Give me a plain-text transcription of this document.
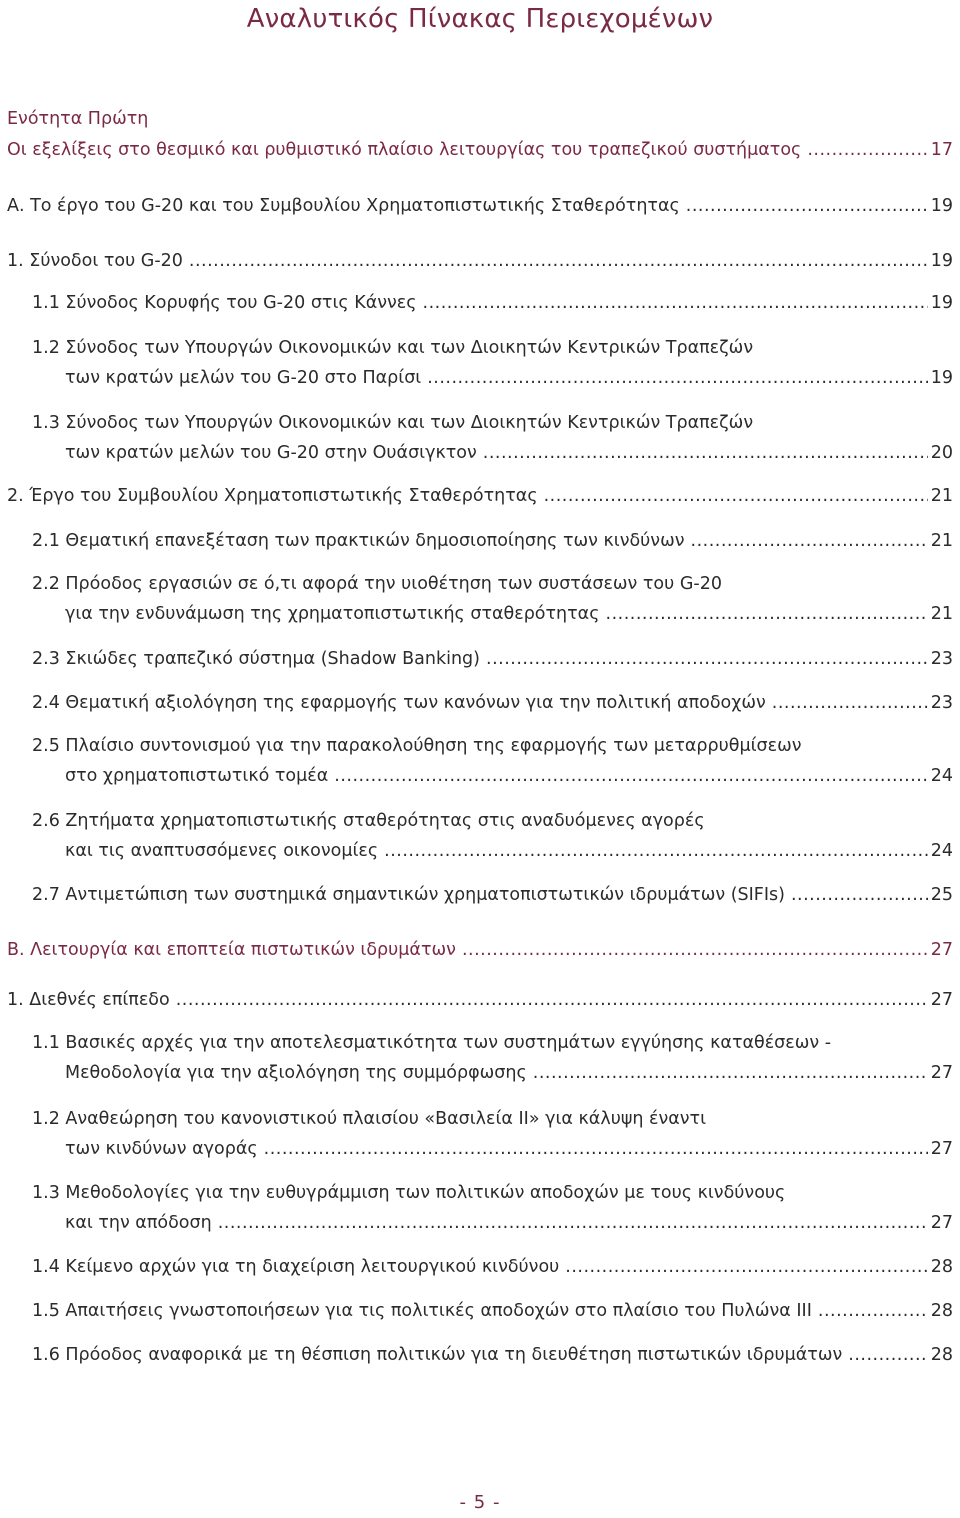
Αναλυτικός Πίνακας Περιεχομένων
Ενότητα Πρώτη
Οι εξελίξεις στο θεσμικό και ρυθμιστικό πλαίσιο λειτουργίας του τραπεζικού συστήματος .....	17
Α. Το έργο του G-20 και του Συμβουλίου Χρηματοπιστωτικής Σταθερότητας .....	19
1. Σύνοδοι του G-20 .....	19
1.1 Σύνοδος Κορυφής του G-20 στις Κάννες .....	19
1.2 Σύνοδος των Υπουργών Οικονομικών και των Διοικητών Κεντρικών Τραπεζών
των κρατών μελών του G-20 στο Παρίσι .....	19
1.3 Σύνοδος των Υπουργών Οικονομικών και των Διοικητών Κεντρικών Τραπεζών
των κρατών μελών του G-20 στην Ουάσιγκτον .....	20
2. Έργο του Συμβουλίου Χρηματοπιστωτικής Σταθερότητας .....	21
2.1 Θεματική επανεξέταση των πρακτικών δημοσιοποίησης των κινδύνων .....	21
2.2 Πρόοδος εργασιών σε ό,τι αφορά την υιοθέτηση των συστάσεων του G-20
για την ενδυνάμωση της χρηματοπιστωτικής σταθερότητας .....	21
2.3 Σκιώδες τραπεζικό σύστημα (Shadow Banking) .....	23
2.4 Θεματική αξιολόγηση της εφαρμογής των κανόνων για την πολιτική αποδοχών .....	23
2.5 Πλαίσιο συντονισμού για την παρακολούθηση της εφαρμογής των μεταρρυθμίσεων
στο χρηματοπιστωτικό τομέα .....	24
2.6 Ζητήματα χρηματοπιστωτικής σταθερότητας στις αναδυόμενες αγορές
και τις αναπτυσσόμενες οικονομίες .....	24
2.7 Αντιμετώπιση των συστημικά σημαντικών χρηματοπιστωτικών ιδρυμάτων (SIFIs) .....	25
Β. Λειτουργία και εποπτεία πιστωτικών ιδρυμάτων .....	27
1. Διεθνές επίπεδο .....	27
1.1 Βασικές αρχές για την αποτελεσματικότητα των συστημάτων εγγύησης καταθέσεων -
Μεθοδολογία για την αξιολόγηση της συμμόρφωσης .....	27
1.2 Αναθεώρηση του κανονιστικού πλαισίου «Βασιλεία ΙΙ» για κάλυψη έναντι
των κινδύνων αγοράς .....	27
1.3 Μεθοδολογίες για την ευθυγράμμιση των πολιτικών αποδοχών με τους κινδύνους
και την απόδοση .....	27
1.4 Κείμενο αρχών για τη διαχείριση λειτουργικού κινδύνου .....	28
1.5 Απαιτήσεις γνωστοποιήσεων για τις πολιτικές αποδοχών στο πλαίσιο του Πυλώνα ΙΙΙ .....	28
1.6 Πρόοδος αναφορικά με τη θέσπιση πολιτικών για τη διευθέτηση πιστωτικών ιδρυμάτων .....	28
- 5 -
